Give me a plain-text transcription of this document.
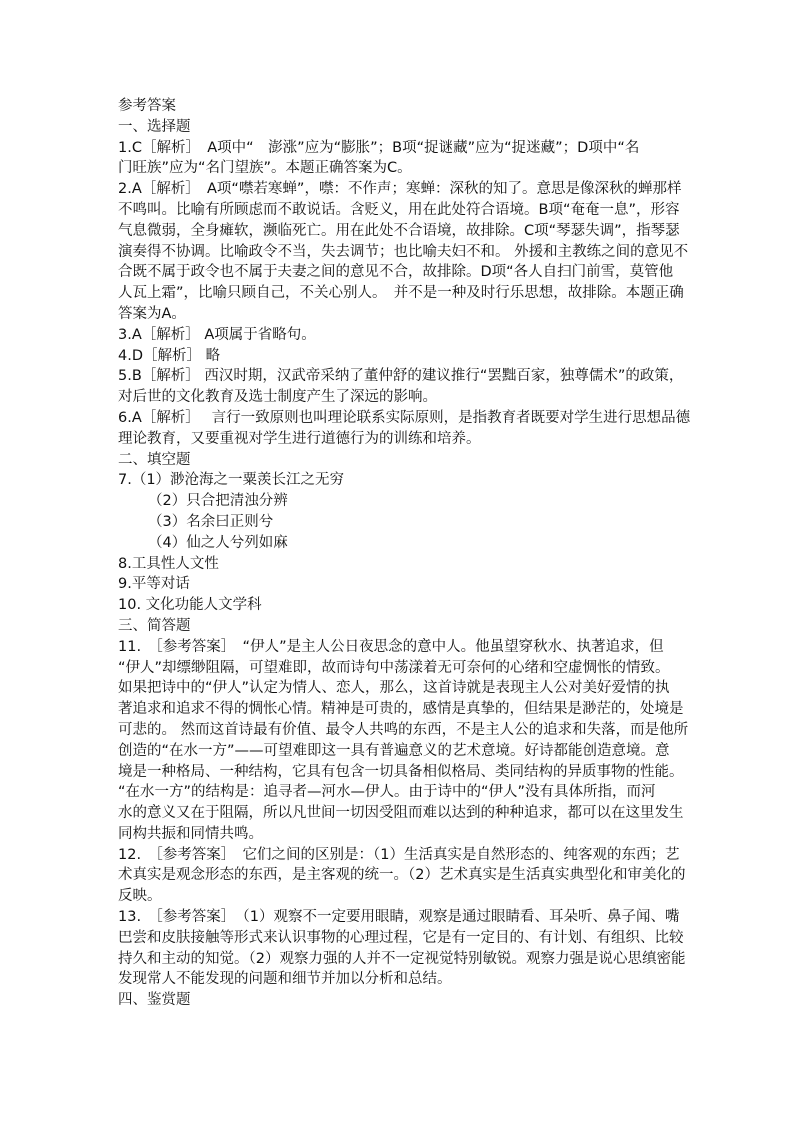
参考答案
一、选择题
1.C［解析］　A项中“　澎涨”应为“膨胀”；B项“捉谜藏”应为“捉迷藏”；D项中“名
门旺族”应为“名门望族”。本题正确答案为C。
2.A［解析］　A项“噤若寒蝉”，噤：不作声；寒蝉：深秋的知了。意思是像深秋的蝉那样
不鸣叫。比喻有所顾虑而不敢说话。含贬义，用在此处符合语境。B项“奄奄一息”，形容
气息微弱，全身瘫软，濒临死亡。用在此处不合语境，故排除。C项“琴瑟失调”，指琴瑟
演奏得不协调。比喻政令不当，失去调节；也比喻夫妇不和。 外援和主教练之间的意见不
合既不属于政令也不属于夫妻之间的意见不合，故排除。D项“各人自扫门前雪，莫管他
人瓦上霜”，比喻只顾自己，不关心别人。　并不是一种及时行乐思想，故排除。本题正确
答案为A。
3.A［解析］ A项属于省略句。
4.D［解析］ 略
5.B［解析］ 西汉时期，汉武帝采纳了董仲舒的建议推行“罢黜百家，独尊儒术”的政策，
对后世的文化教育及选士制度产生了深远的影响。
6.A［解析］　 言行一致原则也叫理论联系实际原则，是指教育者既要对学生进行思想品德
理论教育，又要重视对学生进行道德行为的训练和培养。
二、填空题
7.（1）渺沧海之一粟羡长江之无穷
（2）只合把清浊分辨
（3）名余曰正则兮
（4）仙之人兮列如麻
8.工具性人文性
9.平等对话
10. 文化功能人文学科
三、简答题
11.　［参考答案］　“伊人”是主人公日夜思念的意中人。他虽望穿秋水、执著追求，但
“伊人”却缥缈阻隔，可望难即，故而诗句中荡漾着无可奈何的心绪和空虚惆怅的情致。
如果把诗中的“伊人”认定为情人、恋人，那么，这首诗就是表现主人公对美好爱情的执
著追求和追求不得的惆怅心情。精神是可贵的，感情是真挚的，但结果是渺茫的，处境是
可悲的。 然而这首诗最有价值、最令人共鸣的东西，不是主人公的追求和失落，而是他所
创造的“在水一方”——可望难即这一具有普遍意义的艺术意境。好诗都能创造意境。意
境是一种格局、一种结构，它具有包含一切具备相似格局、类同结构的异质事物的性能。
“在水一方”的结构是：追寻者—河水—伊人。由于诗中的“伊人”没有具体所指，而河
水的意义又在于阻隔，所以凡世间一切因受阻而难以达到的种种追求，都可以在这里发生
同构共振和同情共鸣。
12.　［参考答案］　它们之间的区别是：（1）生活真实是自然形态的、纯客观的东西；艺
术真实是观念形态的东西，是主客观的统一。（2）艺术真实是生活真实典型化和审美化的
反映。
13.　［参考答案］　（1）观察不一定要用眼睛，观察是通过眼睛看、耳朵听、鼻子闻、嘴
巴尝和皮肤接触等形式来认识事物的心理过程，它是有一定目的、有计划、有组织、比较
持久和主动的知觉。（2）观察力强的人并不一定视觉特别敏锐。观察力强是说心思缜密能
发现常人不能发现的问题和细节并加以分析和总结。
四、鉴赏题
